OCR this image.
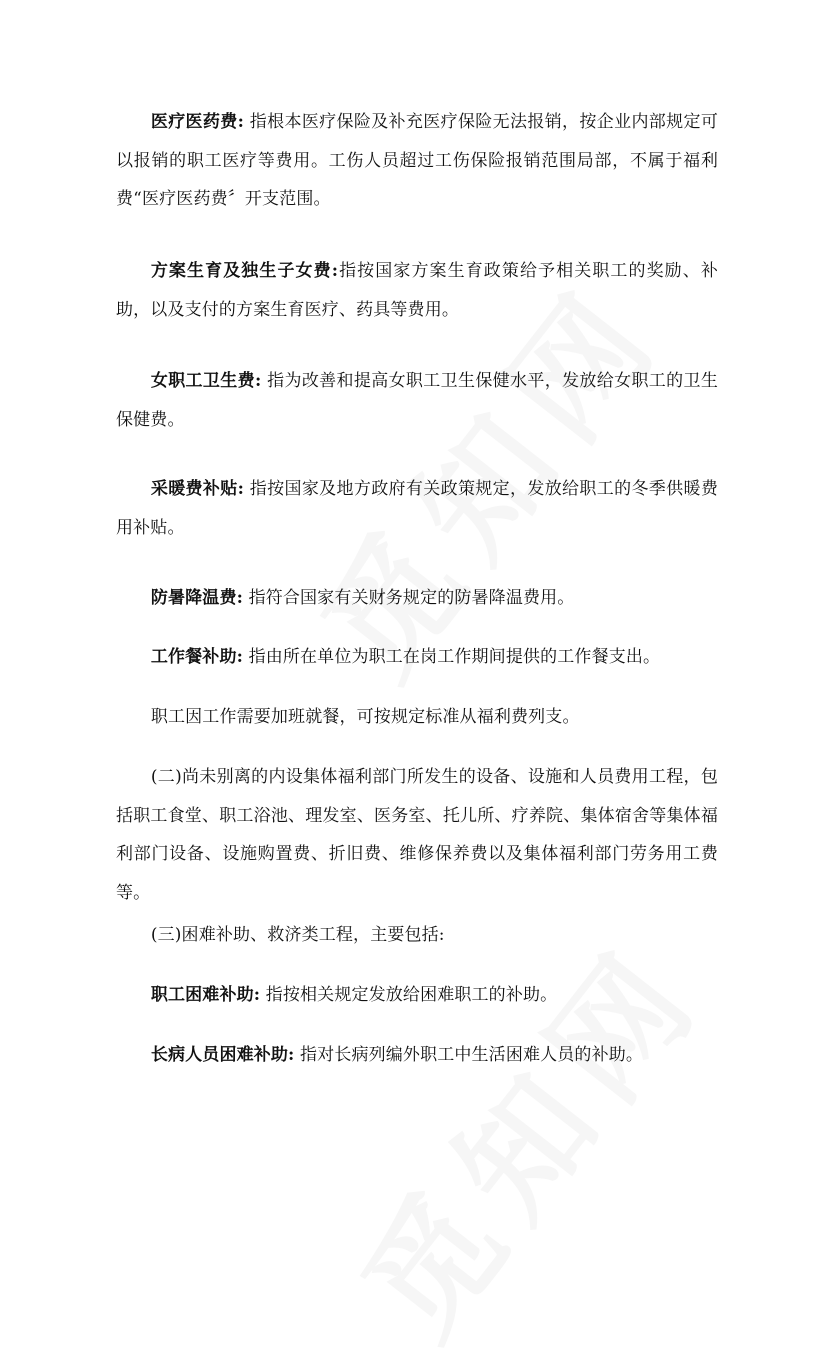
医疗医药费: 指根本医疗保险及补充医疗保险无法报销，按企业内部规定可以报销的职工医疗等费用。工伤人员超过工伤保险报销范围局部，不属于福利费“医疗医药费〞开支范围。

方案生育及独生子女费:指按国家方案生育政策给予相关职工的奖励、补助，以及支付的方案生育医疗、药具等费用。

女职工卫生费: 指为改善和提高女职工卫生保健水平，发放给女职工的卫生保健费。

采暖费补贴: 指按国家及地方政府有关政策规定，发放给职工的冬季供暖费用补贴。

防暑降温费: 指符合国家有关财务规定的防暑降温费用。

工作餐补助: 指由所在单位为职工在岗工作期间提供的工作餐支出。

职工因工作需要加班就餐，可按规定标准从福利费列支。

(二)尚未别离的内设集体福利部门所发生的设备、设施和人员费用工程，包括职工食堂、职工浴池、理发室、医务室、托儿所、疗养院、集体宿舍等集体福利部门设备、设施购置费、折旧费、维修保养费以及集体福利部门劳务用工费等。

(三)困难补助、救济类工程，主要包括:

职工困难补助: 指按相关规定发放给困难职工的补助。

长病人员困难补助: 指对长病列编外职工中生活困难人员的补助。
